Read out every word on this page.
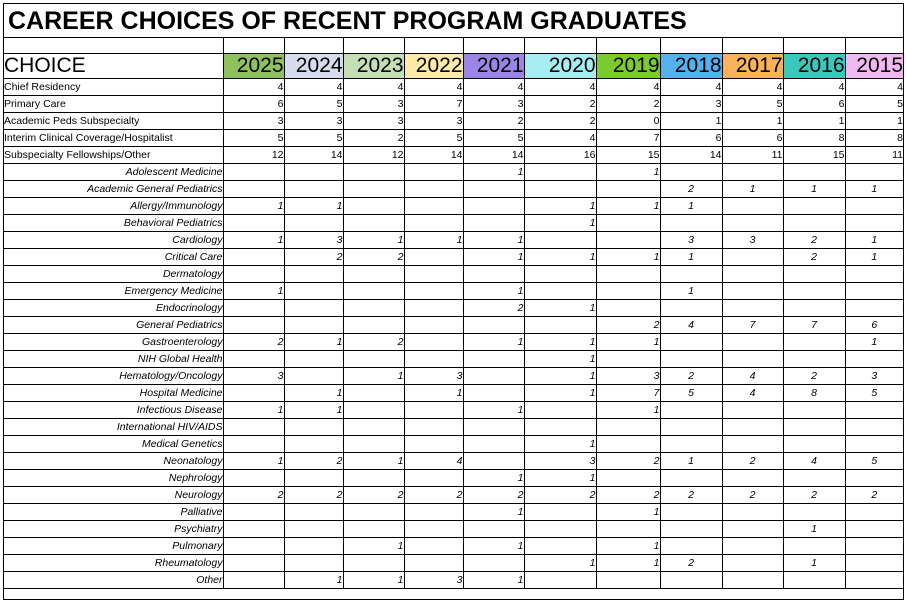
CAREER CHOICES OF RECENT PROGRAM GRADUATES

CHOICE	2025	2024	2023	2022	2021	2020	2019	2018	2017	2016	2015
Chief Residency	4	4	4	4	4	4	4	4	4	4	4
Primary Care	6	5	3	7	3	2	2	3	5	6	5
Academic Peds Subspecialty	3	3	3	3	2	2	0	1	1	1	1
Interim Clinical Coverage/Hospitalist	5	5	2	5	5	4	7	6	6	8	8
Subspecialty Fellowships/Other	12	14	12	14	14	16	15	14	11	15	11
Adolescent Medicine					1		1				
Academic General Pediatrics								2	1	1	1
Allergy/Immunology	1	1				1	1	1			
Behavioral Pediatrics						1					
Cardiology	1	3	1	1	1			3	3	2	1
Critical Care		2	2		1	1	1	1		2	1
Dermatology											
Emergency Medicine	1				1			1			
Endocrinology					2	1					
General Pediatrics							2	4	7	7	6
Gastroenterology	2	1	2		1	1	1				1
NIH Global Health						1					
Hematology/Oncology	3		1	3		1	3	2	4	2	3
Hospital Medicine		1		1		1	7	5	4	8	5
Infectious Disease	1	1			1		1				
International HIV/AIDS											
Medical Genetics						1					
Neonatology	1	2	1	4		3	2	1	2	4	5
Nephrology					1	1					
Neurology	2	2	2	2	2	2	2	2	2	2	2
Palliative					1		1				
Psychiatry										1	
Pulmonary			1		1		1				
Rheumatology						1	1	2		1	
Other		1	1	3	1						
